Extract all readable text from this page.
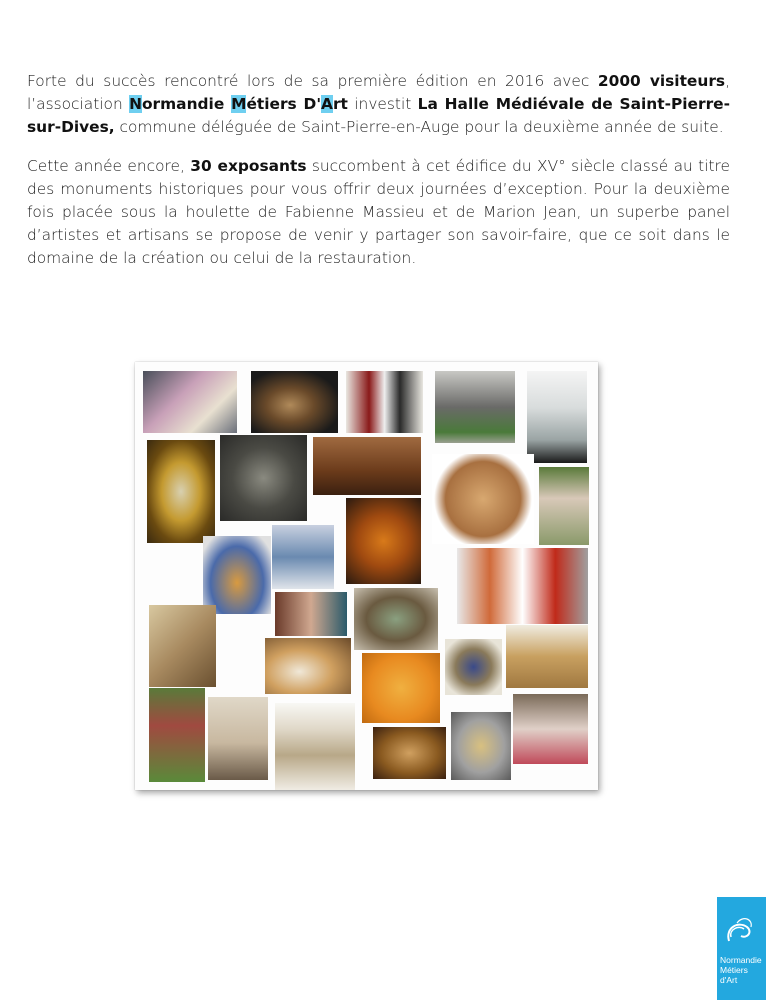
Forte du succès rencontré lors de sa première édition en 2016 avec 2000 visiteurs, l’association Normandie Métiers D'Art investit La Halle Médiévale de Saint-Pierre-sur-Dives, commune déléguée de Saint-Pierre-en-Auge pour la deuxième année de suite.

Cette année encore, 30 exposants succombent à cet édifice du XV° siècle classé au titre des monuments historiques pour vous offrir deux journées d’exception. Pour la deuxième fois placée sous la houlette de Fabienne Massieu et de Marion Jean, un superbe panel d’artistes et artisans se propose de venir y partager son savoir-faire, que ce soit dans le domaine de la création ou celui de la restauration.

Normandie
Métiers
d'Art
